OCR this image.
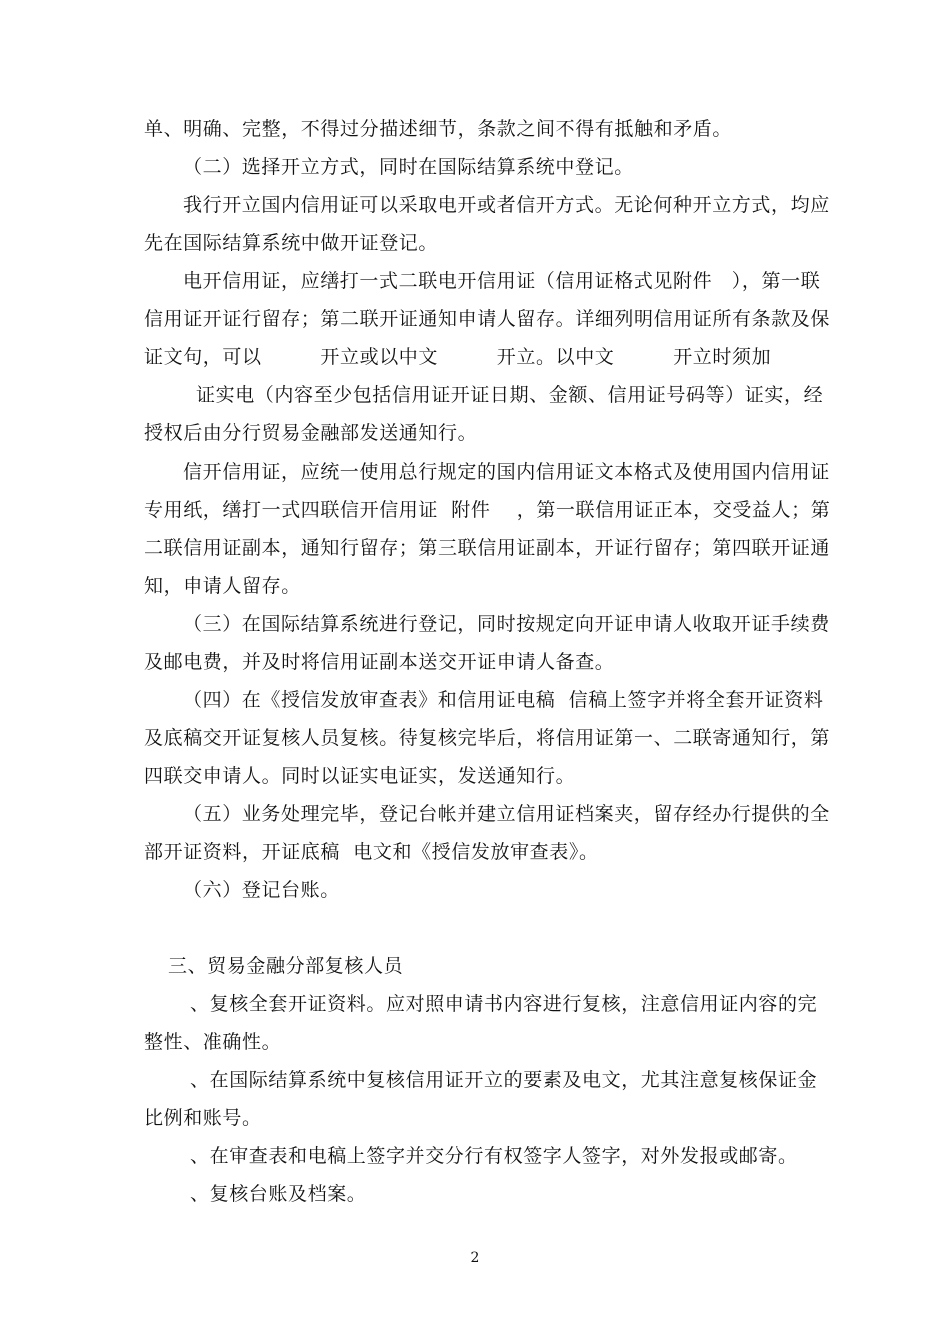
单、明确、完整，不得过分描述细节，条款之间不得有抵触和矛盾。
（二）选择开立方式，同时在国际结算系统中登记。
我行开立国内信用证可以采取电开或者信开方式。无论何种开立方式，均应
先在国际结算系统中做开证登记。
电开信用证，应缮打一式二联电开信用证（信用证格式见附件　），第一联
信用证开证行留存；第二联开证通知申请人留存。详细列明信用证所有条款及保
证文句，可以　　　开立或以中文　　　开立。以中文　　　开立时须加
证实电（内容至少包括信用证开证日期、金额、信用证号码等）证实，经
授权后由分行贸易金融部发送通知行。
信开信用证，应统一使用总行规定的国内信用证文本格式及使用国内信用证
专用纸，缮打一式四联信开信用证  附件　 ，第一联信用证正本，交受益人；第
二联信用证副本，通知行留存；第三联信用证副本，开证行留存；第四联开证通
知，申请人留存。
（三）在国际结算系统进行登记，同时按规定向开证申请人收取开证手续费
及邮电费，并及时将信用证副本送交开证申请人备查。
（四）在《授信发放审查表》和信用证电稿  信稿上签字并将全套开证资料
及底稿交开证复核人员复核。待复核完毕后，将信用证第一、二联寄通知行，第
四联交申请人。同时以证实电证实，发送通知行。
（五）业务处理完毕，登记台帐并建立信用证档案夹，留存经办行提供的全
部开证资料，开证底稿  电文和《授信发放审查表》。
（六）登记台账。
三、贸易金融分部复核人员
、复核全套开证资料。应对照申请书内容进行复核，注意信用证内容的完
整性、准确性。
、在国际结算系统中复核信用证开立的要素及电文，尤其注意复核保证金
比例和账号。
、在审查表和电稿上签字并交分行有权签字人签字，对外发报或邮寄。
、复核台账及档案。
2
